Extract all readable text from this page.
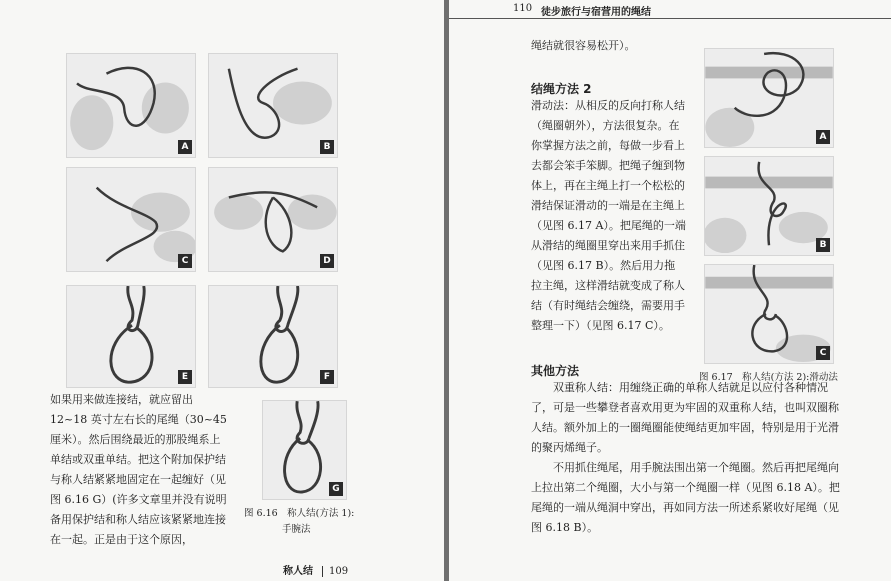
A	B
C	D
E	F
如果用来做连接结，就应留出12~18 英寸左右长的尾绳（30~45 厘米）。然后围绕最近的那股绳系上单结或双重单结。把这个附加保护结与称人结紧紧地固定在一起缠好（见图 6.16 G）(许多文章里并没有说明备用保护结和称人结应该紧紧地连接在一起。正是由于这个原因，
G
图 6.16　称人结(方法 1):
手腕法
称人结	109
110 徒步旅行与宿营用的绳结
绳结就很容易松开）。
结绳方法 2
滑动法：从相反的反向打称人结（绳圈朝外），方法很复杂。在你掌握方法之前，每做一步看上去都会笨手笨脚。把绳子缠到物体上，再在主绳上打一个松松的滑结保证滑动的一端是在主绳上（见图 6.17 A）。把尾绳的一端从滑结的绳圈里穿出来用手抓住（见图 6.17 B）。然后用力拖拉主绳，这样滑结就变成了称人结（有时绳结会缠绕，需要用手整理一下）（见图 6.17 C）。
A
B
C
图 6.17　称人结(方法 2):滑动法
其他方法
双重称人结：用缠绕正确的单称人结就足以应付各种情况了，可是一些攀登者喜欢用更为牢固的双重称人结，也叫双圈称人结。额外加上的一圈绳圈能使绳结更加牢固，特别是用于光滑的聚丙烯绳子。
不用抓住绳尾，用手腕法围出第一个绳圈。然后再把尾绳向上拉出第二个绳圈，大小与第一个绳圈一样（见图 6.18 A）。把尾绳的一端从绳洞中穿出，再如同方法一所述系紧收好尾绳（见图 6.18 B）。
